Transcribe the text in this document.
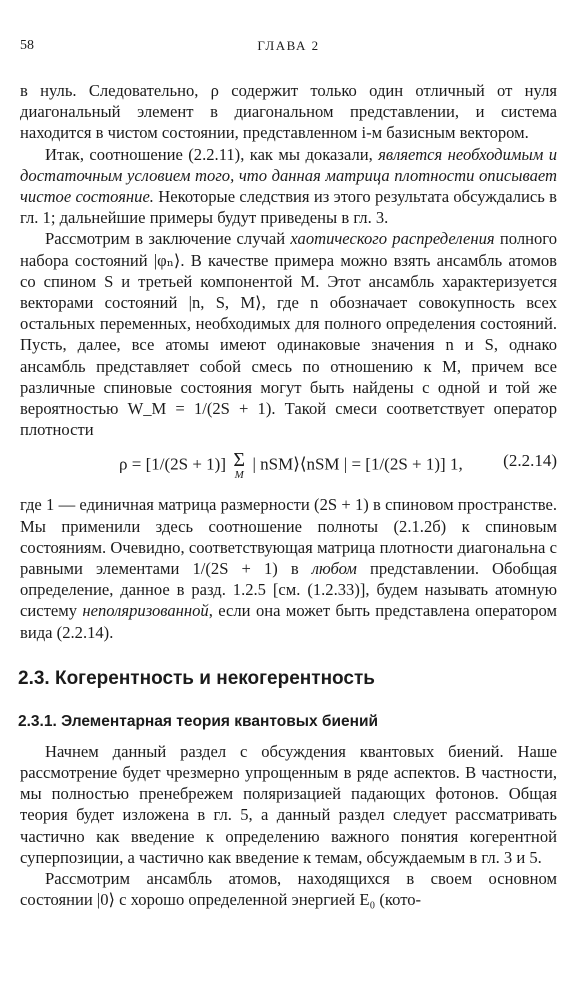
58	ГЛАВА 2

в нуль. Следовательно, ρ содержит только один отличный от нуля диагональный элемент в диагональном представлении, и система находится в чистом состоянии, представленном i-м базисным вектором.

Итак, соотношение (2.2.11), как мы доказали, является необходимым и достаточным условием того, что данная матрица плотности описывает чистое состояние. Некоторые следствия из этого результата обсуждались в гл. 1; дальнейшие примеры будут приведены в гл. 3.

Рассмотрим в заключение случай хаотического распределения полного набора состояний |φₙ⟩. В качестве примера можно взять ансамбль атомов со спином S и третьей компонентой M. Этот ансамбль характеризуется векторами состояний |n, S, M⟩, где n обозначает совокупность всех остальных переменных, необходимых для полного определения состояний. Пусть, далее, все атомы имеют одинаковые значения n и S, однако ансамбль представляет собой смесь по отношению к M, причем все различные спиновые состояния могут быть найдены с одной и той же вероятностью W_M = 1/(2S + 1). Такой смеси соответствует оператор плотности

ρ = [1/(2S + 1)] Σ
M
| nSM⟩⟨nSM | = [1/(2S + 1)] 1, (2.2.14)

где 1 — единичная матрица размерности (2S + 1) в спиновом пространстве. Мы применили здесь соотношение полноты (2.1.2б) к спиновым состояниям. Очевидно, соответствующая матрица плотности диагональна с равными элементами 1/(2S + 1) в любом представлении. Обобщая определение, данное в разд. 1.2.5 [см. (1.2.33)], будем называть атомную систему неполяризованной, если она может быть представлена оператором вида (2.2.14).

2.3. Когерентность и некогерентность
2.3.1. Элементарная теория квантовых биений

Начнем данный раздел с обсуждения квантовых биений. Наше рассмотрение будет чрезмерно упрощенным в ряде аспектов. В частности, мы полностью пренебрежем поляризацией падающих фотонов. Общая теория будет изложена в гл. 5, а данный раздел следует рассматривать частично как введение к определению важного понятия когерентной суперпозиции, а частично как введение к темам, обсуждаемым в гл. 3 и 5.

Рассмотрим ансамбль атомов, находящихся в своем основном состоянии |0⟩ с хорошо определенной энергией E₀ (кото-
